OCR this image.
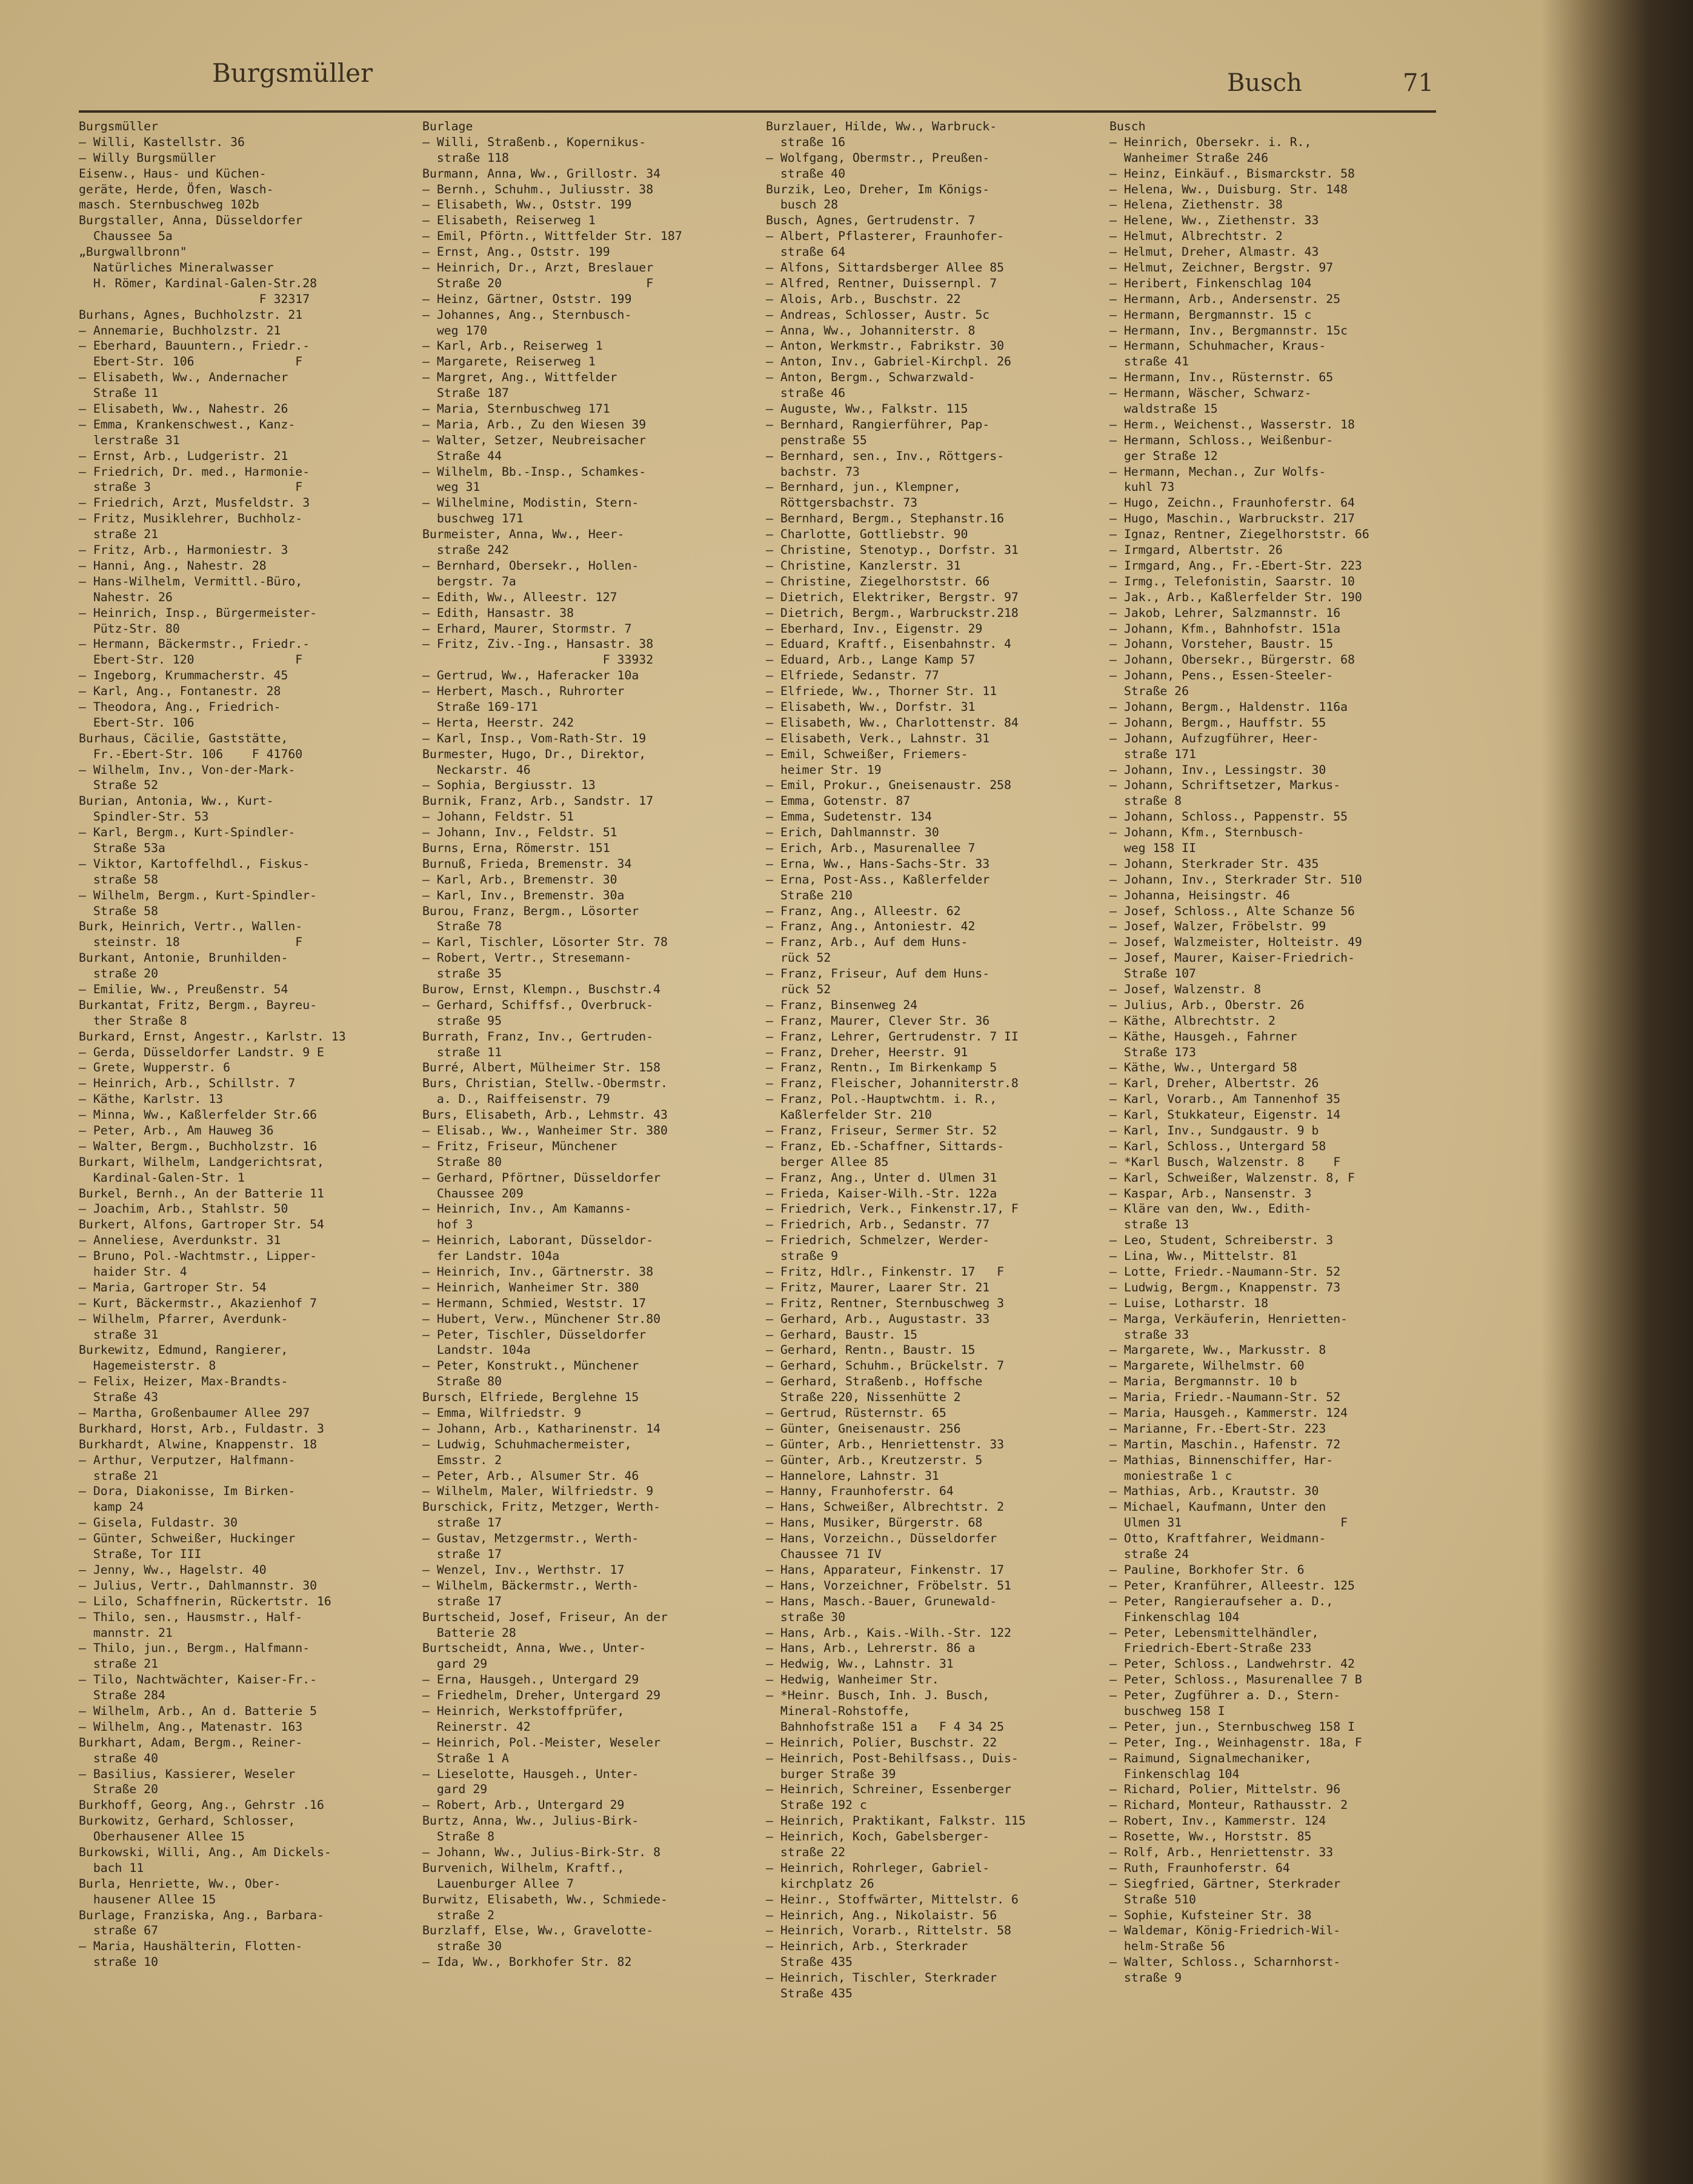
Burgsmüller	Busch	71
Burgsmüller
— Willi, Kastellstr. 36
— Willy Burgsmüller
Eisenw., Haus- und Küchen-
geräte, Herde, Öfen, Wasch-
masch. Sternbuschweg 102b
Burgstaller, Anna, Düsseldorfer
Chaussee 5a
„Burgwallbronn"
Natürliches Mineralwasser
H. Römer, Kardinal-Galen-Str.28
F 32317
Burhans, Agnes, Buchholzstr. 21
— Annemarie, Buchholzstr. 21
— Eberhard, Bauuntern., Friedr.-
Ebert-Str. 106              F
— Elisabeth, Ww., Andernacher
Straße 11
— Elisabeth, Ww., Nahestr. 26
— Emma, Krankenschwest., Kanz-
lerstraße 31
— Ernst, Arb., Ludgeristr. 21
— Friedrich, Dr. med., Harmonie-
straße 3                    F
— Friedrich, Arzt, Musfeldstr. 3
— Fritz, Musiklehrer, Buchholz-
straße 21
— Fritz, Arb., Harmoniestr. 3
— Hanni, Ang., Nahestr. 28
— Hans-Wilhelm, Vermittl.-Büro,
Nahestr. 26
— Heinrich, Insp., Bürgermeister-
Pütz-Str. 80
— Hermann, Bäckermstr., Friedr.-
Ebert-Str. 120              F
— Ingeborg, Krummacherstr. 45
— Karl, Ang., Fontanestr. 28
— Theodora, Ang., Friedrich-
Ebert-Str. 106
Burhaus, Cäcilie, Gaststätte,
Fr.-Ebert-Str. 106    F 41760
— Wilhelm, Inv., Von-der-Mark-
Straße 52
Burian, Antonia, Ww., Kurt-
Spindler-Str. 53
— Karl, Bergm., Kurt-Spindler-
Straße 53a
— Viktor, Kartoffelhdl., Fiskus-
straße 58
— Wilhelm, Bergm., Kurt-Spindler-
Straße 58
Burk, Heinrich, Vertr., Wallen-
steinstr. 18                F
Burkant, Antonie, Brunhilden-
straße 20
— Emilie, Ww., Preußenstr. 54
Burkantat, Fritz, Bergm., Bayreu-
ther Straße 8
Burkard, Ernst, Angestr., Karlstr. 13
— Gerda, Düsseldorfer Landstr. 9 E
— Grete, Wupperstr. 6
— Heinrich, Arb., Schillstr. 7
— Käthe, Karlstr. 13
— Minna, Ww., Kaßlerfelder Str.66
— Peter, Arb., Am Hauweg 36
— Walter, Bergm., Buchholzstr. 16
Burkart, Wilhelm, Landgerichtsrat,
Kardinal-Galen-Str. 1
Burkel, Bernh., An der Batterie 11
— Joachim, Arb., Stahlstr. 50
Burkert, Alfons, Gartroper Str. 54
— Anneliese, Averdunkstr. 31
— Bruno, Pol.-Wachtmstr., Lipper-
haider Str. 4
— Maria, Gartroper Str. 54
— Kurt, Bäckermstr., Akazienhof 7
— Wilhelm, Pfarrer, Averdunk-
straße 31
Burkewitz, Edmund, Rangierer,
Hagemeisterstr. 8
— Felix, Heizer, Max-Brandts-
Straße 43
— Martha, Großenbaumer Allee 297
Burkhard, Horst, Arb., Fuldastr. 3
Burkhardt, Alwine, Knappenstr. 18
— Arthur, Verputzer, Halfmann-
straße 21
— Dora, Diakonisse, Im Birken-
kamp 24
— Gisela, Fuldastr. 30
— Günter, Schweißer, Huckinger
Straße, Tor III
— Jenny, Ww., Hagelstr. 40
— Julius, Vertr., Dahlmannstr. 30
— Lilo, Schaffnerin, Rückertstr. 16
— Thilo, sen., Hausmstr., Half-
mannstr. 21
— Thilo, jun., Bergm., Halfmann-
straße 21
— Tilo, Nachtwächter, Kaiser-Fr.-
Straße 284
— Wilhelm, Arb., An d. Batterie 5
— Wilhelm, Ang., Matenastr. 163
Burkhart, Adam, Bergm., Reiner-
straße 40
— Basilius, Kassierer, Weseler
Straße 20
Burkhoff, Georg, Ang., Gehrstr .16
Burkowitz, Gerhard, Schlosser,
Oberhausener Allee 15
Burkowski, Willi, Ang., Am Dickels-
bach 11
Burla, Henriette, Ww., Ober-
hausener Allee 15
Burlage, Franziska, Ang., Barbara-
straße 67
— Maria, Haushälterin, Flotten-
straße 10
Burlage
— Willi, Straßenb., Kopernikus-
straße 118
Burmann, Anna, Ww., Grillostr. 34
— Bernh., Schuhm., Juliusstr. 38
— Elisabeth, Ww., Oststr. 199
— Elisabeth, Reiserweg 1
— Emil, Pförtn., Wittfelder Str. 187
— Ernst, Ang., Oststr. 199
— Heinrich, Dr., Arzt, Breslauer
Straße 20                    F
— Heinz, Gärtner, Oststr. 199
— Johannes, Ang., Sternbusch-
weg 170
— Karl, Arb., Reiserweg 1
— Margarete, Reiserweg 1
— Margret, Ang., Wittfelder
Straße 187
— Maria, Sternbuschweg 171
— Maria, Arb., Zu den Wiesen 39
— Walter, Setzer, Neubreisacher
Straße 44
— Wilhelm, Bb.-Insp., Schamkes-
weg 31
— Wilhelmine, Modistin, Stern-
buschweg 171
Burmeister, Anna, Ww., Heer-
straße 242
— Bernhard, Obersekr., Hollen-
bergstr. 7a
— Edith, Ww., Alleestr. 127
— Edith, Hansastr. 38
— Erhard, Maurer, Stormstr. 7
— Fritz, Ziv.-Ing., Hansastr. 38
F 33932
— Gertrud, Ww., Haferacker 10a
— Herbert, Masch., Ruhrorter
Straße 169-171
— Herta, Heerstr. 242
— Karl, Insp., Vom-Rath-Str. 19
Burmester, Hugo, Dr., Direktor,
Neckarstr. 46
— Sophia, Bergiusstr. 13
Burnik, Franz, Arb., Sandstr. 17
— Johann, Feldstr. 51
— Johann, Inv., Feldstr. 51
Burns, Erna, Römerstr. 151
Burnuß, Frieda, Bremenstr. 34
— Karl, Arb., Bremenstr. 30
— Karl, Inv., Bremenstr. 30a
Burou, Franz, Bergm., Lösorter
Straße 78
— Karl, Tischler, Lösorter Str. 78
— Robert, Vertr., Stresemann-
straße 35
Burow, Ernst, Klempn., Buschstr.4
— Gerhard, Schiffsf., Overbruck-
straße 95
Burrath, Franz, Inv., Gertruden-
straße 11
Burré, Albert, Mülheimer Str. 158
Burs, Christian, Stellw.-Obermstr.
a. D., Raiffeisenstr. 79
Burs, Elisabeth, Arb., Lehmstr. 43
— Elisab., Ww., Wanheimer Str. 380
— Fritz, Friseur, Münchener
Straße 80
— Gerhard, Pförtner, Düsseldorfer
Chaussee 209
— Heinrich, Inv., Am Kamanns-
hof 3
— Heinrich, Laborant, Düsseldor-
fer Landstr. 104a
— Heinrich, Inv., Gärtnerstr. 38
— Heinrich, Wanheimer Str. 380
— Hermann, Schmied, Weststr. 17
— Hubert, Verw., Münchener Str.80
— Peter, Tischler, Düsseldorfer
Landstr. 104a
— Peter, Konstrukt., Münchener
Straße 80
Bursch, Elfriede, Berglehne 15
— Emma, Wilfriedstr. 9
— Johann, Arb., Katharinenstr. 14
— Ludwig, Schuhmachermeister,
Emsstr. 2
— Peter, Arb., Alsumer Str. 46
— Wilhelm, Maler, Wilfriedstr. 9
Burschick, Fritz, Metzger, Werth-
straße 17
— Gustav, Metzgermstr., Werth-
straße 17
— Wenzel, Inv., Werthstr. 17
— Wilhelm, Bäckermstr., Werth-
straße 17
Burtscheid, Josef, Friseur, An der
Batterie 28
Burtscheidt, Anna, Wwe., Unter-
gard 29
— Erna, Hausgeh., Untergard 29
— Friedhelm, Dreher, Untergard 29
— Heinrich, Werkstoffprüfer,
Reinerstr. 42
— Heinrich, Pol.-Meister, Weseler
Straße 1 A
— Lieselotte, Hausgeh., Unter-
gard 29
— Robert, Arb., Untergard 29
Burtz, Anna, Ww., Julius-Birk-
Straße 8
— Johann, Ww., Julius-Birk-Str. 8
Burvenich, Wilhelm, Kraftf.,
Lauenburger Allee 7
Burwitz, Elisabeth, Ww., Schmiede-
straße 2
Burzlaff, Else, Ww., Gravelotte-
straße 30
— Ida, Ww., Borkhofer Str. 82
Burzlauer, Hilde, Ww., Warbruck-
straße 16
— Wolfgang, Obermstr., Preußen-
straße 40
Burzik, Leo, Dreher, Im Königs-
busch 28
Busch, Agnes, Gertrudenstr. 7
— Albert, Pflasterer, Fraunhofer-
straße 64
— Alfons, Sittardsberger Allee 85
— Alfred, Rentner, Duissernpl. 7
— Alois, Arb., Buschstr. 22
— Andreas, Schlosser, Austr. 5c
— Anna, Ww., Johanniterstr. 8
— Anton, Werkmstr., Fabrikstr. 30
— Anton, Inv., Gabriel-Kirchpl. 26
— Anton, Bergm., Schwarzwald-
straße 46
— Auguste, Ww., Falkstr. 115
— Bernhard, Rangierführer, Pap-
penstraße 55
— Bernhard, sen., Inv., Röttgers-
bachstr. 73
— Bernhard, jun., Klempner,
Röttgersbachstr. 73
— Bernhard, Bergm., Stephanstr.16
— Charlotte, Gottliebstr. 90
— Christine, Stenotyp., Dorfstr. 31
— Christine, Kanzlerstr. 31
— Christine, Ziegelhorststr. 66
— Dietrich, Elektriker, Bergstr. 97
— Dietrich, Bergm., Warbruckstr.218
— Eberhard, Inv., Eigenstr. 29
— Eduard, Kraftf., Eisenbahnstr. 4
— Eduard, Arb., Lange Kamp 57
— Elfriede, Sedanstr. 77
— Elfriede, Ww., Thorner Str. 11
— Elisabeth, Ww., Dorfstr. 31
— Elisabeth, Ww., Charlottenstr. 84
— Elisabeth, Verk., Lahnstr. 31
— Emil, Schweißer, Friemers-
heimer Str. 19
— Emil, Prokur., Gneisenaustr. 258
— Emma, Gotenstr. 87
— Emma, Sudetenstr. 134
— Erich, Dahlmannstr. 30
— Erich, Arb., Masurenallee 7
— Erna, Ww., Hans-Sachs-Str. 33
— Erna, Post-Ass., Kaßlerfelder
Straße 210
— Franz, Ang., Alleestr. 62
— Franz, Ang., Antoniestr. 42
— Franz, Arb., Auf dem Huns-
rück 52
— Franz, Friseur, Auf dem Huns-
rück 52
— Franz, Binsenweg 24
— Franz, Maurer, Clever Str. 36
— Franz, Lehrer, Gertrudenstr. 7 II
— Franz, Dreher, Heerstr. 91
— Franz, Rentn., Im Birkenkamp 5
— Franz, Fleischer, Johanniterstr.8
— Franz, Pol.-Hauptwchtm. i. R.,
Kaßlerfelder Str. 210
— Franz, Friseur, Sermer Str. 52
— Franz, Eb.-Schaffner, Sittards-
berger Allee 85
— Franz, Ang., Unter d. Ulmen 31
— Frieda, Kaiser-Wilh.-Str. 122a
— Friedrich, Verk., Finkenstr.17, F
— Friedrich, Arb., Sedanstr. 77
— Friedrich, Schmelzer, Werder-
straße 9
— Fritz, Hdlr., Finkenstr. 17   F
— Fritz, Maurer, Laarer Str. 21
— Fritz, Rentner, Sternbuschweg 3
— Gerhard, Arb., Augustastr. 33
— Gerhard, Baustr. 15
— Gerhard, Rentn., Baustr. 15
— Gerhard, Schuhm., Brückelstr. 7
— Gerhard, Straßenb., Hoffsche
Straße 220, Nissenhütte 2
— Gertrud, Rüsternstr. 65
— Günter, Gneisenaustr. 256
— Günter, Arb., Henriettenstr. 33
— Günter, Arb., Kreutzerstr. 5
— Hannelore, Lahnstr. 31
— Hanny, Fraunhoferstr. 64
— Hans, Schweißer, Albrechtstr. 2
— Hans, Musiker, Bürgerstr. 68
— Hans, Vorzeichn., Düsseldorfer
Chaussee 71 IV
— Hans, Apparateur, Finkenstr. 17
— Hans, Vorzeichner, Fröbelstr. 51
— Hans, Masch.-Bauer, Grunewald-
straße 30
— Hans, Arb., Kais.-Wilh.-Str. 122
— Hans, Arb., Lehrerstr. 86 a
— Hedwig, Ww., Lahnstr. 31
— Hedwig, Wanheimer Str.
— *Heinr. Busch, Inh. J. Busch,
Mineral-Rohstoffe,
Bahnhofstraße 151 a   F 4 34 25
— Heinrich, Polier, Buschstr. 22
— Heinrich, Post-Behilfsass., Duis-
burger Straße 39
— Heinrich, Schreiner, Essenberger
Straße 192 c
— Heinrich, Praktikant, Falkstr. 115
— Heinrich, Koch, Gabelsberger-
straße 22
— Heinrich, Rohrleger, Gabriel-
kirchplatz 26
— Heinr., Stoffwärter, Mittelstr. 6
— Heinrich, Ang., Nikolaistr. 56
— Heinrich, Vorarb., Rittelstr. 58
— Heinrich, Arb., Sterkrader
Straße 435
— Heinrich, Tischler, Sterkrader
Straße 435
Busch
— Heinrich, Obersekr. i. R.,
Wanheimer Straße 246
— Heinz, Einkäuf., Bismarckstr. 58
— Helena, Ww., Duisburg. Str. 148
— Helena, Ziethenstr. 38
— Helene, Ww., Ziethenstr. 33
— Helmut, Albrechtstr. 2
— Helmut, Dreher, Almastr. 43
— Helmut, Zeichner, Bergstr. 97
— Heribert, Finkenschlag 104
— Hermann, Arb., Andersenstr. 25
— Hermann, Bergmannstr. 15 c
— Hermann, Inv., Bergmannstr. 15c
— Hermann, Schuhmacher, Kraus-
straße 41
— Hermann, Inv., Rüsternstr. 65
— Hermann, Wäscher, Schwarz-
waldstraße 15
— Herm., Weichenst., Wasserstr. 18
— Hermann, Schloss., Weißenbur-
ger Straße 12
— Hermann, Mechan., Zur Wolfs-
kuhl 73
— Hugo, Zeichn., Fraunhoferstr. 64
— Hugo, Maschin., Warbruckstr. 217
— Ignaz, Rentner, Ziegelhorststr. 66
— Irmgard, Albertstr. 26
— Irmgard, Ang., Fr.-Ebert-Str. 223
— Irmg., Telefonistin, Saarstr. 10
— Jak., Arb., Kaßlerfelder Str. 190
— Jakob, Lehrer, Salzmannstr. 16
— Johann, Kfm., Bahnhofstr. 151a
— Johann, Vorsteher, Baustr. 15
— Johann, Obersekr., Bürgerstr. 68
— Johann, Pens., Essen-Steeler-
Straße 26
— Johann, Bergm., Haldenstr. 116a
— Johann, Bergm., Hauffstr. 55
— Johann, Aufzugführer, Heer-
straße 171
— Johann, Inv., Lessingstr. 30
— Johann, Schriftsetzer, Markus-
straße 8
— Johann, Schloss., Pappenstr. 55
— Johann, Kfm., Sternbusch-
weg 158 II
— Johann, Sterkrader Str. 435
— Johann, Inv., Sterkrader Str. 510
— Johanna, Heisingstr. 46
— Josef, Schloss., Alte Schanze 56
— Josef, Walzer, Fröbelstr. 99
— Josef, Walzmeister, Holteistr. 49
— Josef, Maurer, Kaiser-Friedrich-
Straße 107
— Josef, Walzenstr. 8
— Julius, Arb., Oberstr. 26
— Käthe, Albrechtstr. 2
— Käthe, Hausgeh., Fahrner
Straße 173
— Käthe, Ww., Untergard 58
— Karl, Dreher, Albertstr. 26
— Karl, Vorarb., Am Tannenhof 35
— Karl, Stukkateur, Eigenstr. 14
— Karl, Inv., Sundgaustr. 9 b
— Karl, Schloss., Untergard 58
— *Karl Busch, Walzenstr. 8    F
— Karl, Schweißer, Walzenstr. 8, F
— Kaspar, Arb., Nansenstr. 3
— Kläre van den, Ww., Edith-
straße 13
— Leo, Student, Schreiberstr. 3
— Lina, Ww., Mittelstr. 81
— Lotte, Friedr.-Naumann-Str. 52
— Ludwig, Bergm., Knappenstr. 73
— Luise, Lotharstr. 18
— Marga, Verkäuferin, Henrietten-
straße 33
— Margarete, Ww., Markusstr. 8
— Margarete, Wilhelmstr. 60
— Maria, Bergmannstr. 10 b
— Maria, Friedr.-Naumann-Str. 52
— Maria, Hausgeh., Kammerstr. 124
— Marianne, Fr.-Ebert-Str. 223
— Martin, Maschin., Hafenstr. 72
— Mathias, Binnenschiffer, Har-
moniestraße 1 c
— Mathias, Arb., Krautstr. 30
— Michael, Kaufmann, Unter den
Ulmen 31                      F
— Otto, Kraftfahrer, Weidmann-
straße 24
— Pauline, Borkhofer Str. 6
— Peter, Kranführer, Alleestr. 125
— Peter, Rangieraufseher a. D.,
Finkenschlag 104
— Peter, Lebensmittelhändler,
Friedrich-Ebert-Straße 233
— Peter, Schloss., Landwehrstr. 42
— Peter, Schloss., Masurenallee 7 B
— Peter, Zugführer a. D., Stern-
buschweg 158 I
— Peter, jun., Sternbuschweg 158 I
— Peter, Ing., Weinhagenstr. 18a, F
— Raimund, Signalmechaniker,
Finkenschlag 104
— Richard, Polier, Mittelstr. 96
— Richard, Monteur, Rathausstr. 2
— Robert, Inv., Kammerstr. 124
— Rosette, Ww., Horststr. 85
— Rolf, Arb., Henriettenstr. 33
— Ruth, Fraunhoferstr. 64
— Siegfried, Gärtner, Sterkrader
Straße 510
— Sophie, Kufsteiner Str. 38
— Waldemar, König-Friedrich-Wil-
helm-Straße 56
— Walter, Schloss., Scharnhorst-
straße 9
